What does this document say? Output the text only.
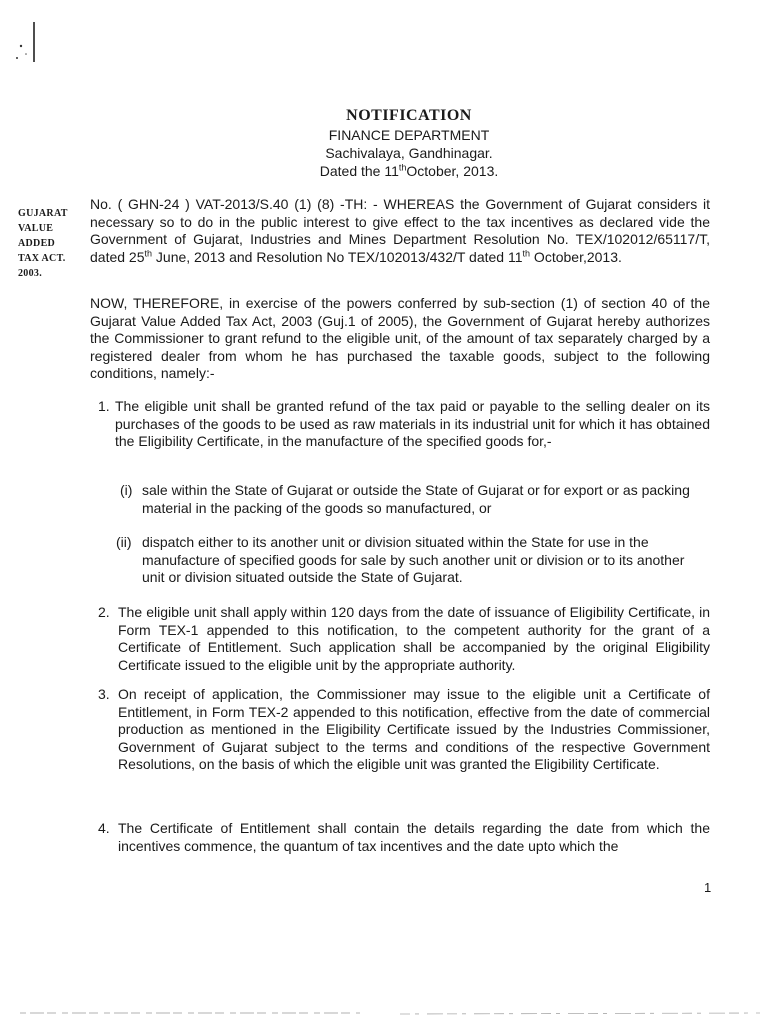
NOTIFICATION
FINANCE DEPARTMENT
Sachivalaya, Gandhinagar.
Dated the 11thOctober, 2013.
GUJARAT
VALUE
ADDED
TAX ACT.
2003.
No. ( GHN-24 ) VAT-2013/S.40 (1) (8) -TH: - WHEREAS the Government of Gujarat considers it necessary so to do in the public interest to give effect to the tax incentives as declared vide the Government of Gujarat, Industries and Mines Department Resolution No. TEX/102012/65117/T, dated 25th June, 2013 and Resolution No TEX/102013/432/T dated 11th October,2013.
NOW, THEREFORE, in exercise of the powers conferred by sub-section (1) of section 40 of the Gujarat Value Added Tax Act, 2003 (Guj.1 of 2005), the Government of Gujarat hereby authorizes the Commissioner to grant refund to the eligible unit, of the amount of tax separately charged by a registered dealer from whom he has purchased the taxable goods, subject to the following conditions, namely:-
1. The eligible unit shall be granted refund of the tax paid or payable to the selling dealer on its purchases of the goods to be used as raw materials in its industrial unit for which it has obtained the Eligibility Certificate, in the manufacture of the specified goods for,-
(i) sale within the State of Gujarat or outside the State of Gujarat or for export or as packing material in the packing of the goods so manufactured, or
(ii) dispatch either to its another unit or division situated within the State for use in the manufacture of specified goods for sale by such another unit or division or to its another unit or division situated outside the State of Gujarat.
2. The eligible unit shall apply within 120 days from the date of issuance of Eligibility Certificate, in Form TEX-1 appended to this notification, to the competent authority for the grant of a Certificate of Entitlement. Such application shall be accompanied by the original Eligibility Certificate issued to the eligible unit by the appropriate authority.
3. On receipt of application, the Commissioner may issue to the eligible unit a Certificate of Entitlement, in Form TEX-2 appended to this notification, effective from the date of commercial production as mentioned in the Eligibility Certificate issued by the Industries Commissioner, Government of Gujarat subject to the terms and conditions of the respective Government Resolutions, on the basis of which the eligible unit was granted the Eligibility Certificate.
4. The Certificate of Entitlement shall contain the details regarding the date from which the incentives commence, the quantum of tax incentives and the date upto which the
1
